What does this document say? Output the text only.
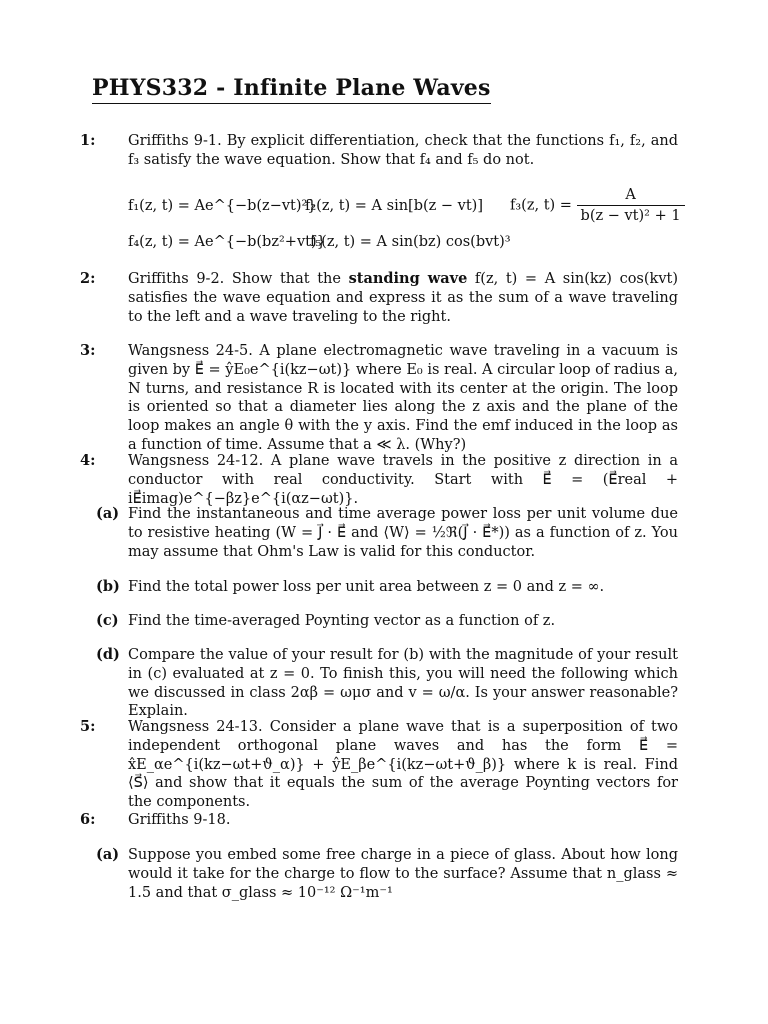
PHYS332 - Infinite Plane Waves
1: Griffiths 9-1. By explicit differentiation, check that the functions f₁, f₂, and f₃ satisfy the wave equation. Show that f₄ and f₅ do not.
f₁(z, t) = Ae^{−b(z−vt)²}
f₂(z, t) = A sin[b(z − vt)] f₃(z, $t) = \frac{A}{\text{b(z − vt)² + 1}}$
f₄(z, t) = Ae^{−b(bz²+vt)}
f₅(z, t) = A sin(bz) cos(bvt)³
2: Griffiths 9-2. Show that the standing wave f(z, t) = A sin(kz) cos(kvt) satisfies the wave equation and express it as the sum of a wave traveling to the left and a wave traveling to the right.
3: Wangsness 24-5. A plane electromagnetic wave traveling in a vacuum is given by E⃗ = ŷE₀e^{i(kz−ωt)} where E₀ is real. A circular loop of radius a, N turns, and resistance R is located with its center at the origin. The loop is oriented so that a diameter lies along the z axis and the plane of the loop makes an angle θ with the y axis. Find the emf induced in the loop as a function of time. Assume that a ≪ λ. (Why?)
4: Wangsness 24-12. A plane wave travels in the positive z direction in a conductor with real conductivity. Start with E⃗ = (E⃗real + iE⃗imag)e^{−βz}e^{i(αz−ωt)}.
(a) Find the instantaneous and time average power loss per unit volume due to resistive heating (W = J⃗ · E⃗ and ⟨W⟩ = ½ℜ(J⃗ · E⃗*)) as a function of z. You may assume that Ohm's Law is valid for this conductor.
(b) Find the total power loss per unit area between z = 0 and z = ∞.
(c) Find the time-averaged Poynting vector as a function of z.
(d) Compare the value of your result for (b) with the magnitude of your result in (c) evaluated at z = 0. To finish this, you will need the following which we discussed in class 2αβ = ωμσ and v = ω/α. Is your answer reasonable? Explain.
5: Wangsness 24-13. Consider a plane wave that is a superposition of two independent orthogonal plane waves and has the form E⃗ = x̂E_αe^{i(kz−ωt+ϑ_α)} + ŷE_βe^{i(kz−ωt+ϑ_β)} where k is real. Find ⟨S⃗⟩ and show that it equals the sum of the average Poynting vectors for the components.
6: Griffiths 9-18.
(a) Suppose you embed some free charge in a piece of glass. About how long would it take for the charge to flow to the surface? Assume that n_glass ≈ 1.5 and that σ_glass ≈ 10⁻¹² Ω⁻¹m⁻¹
